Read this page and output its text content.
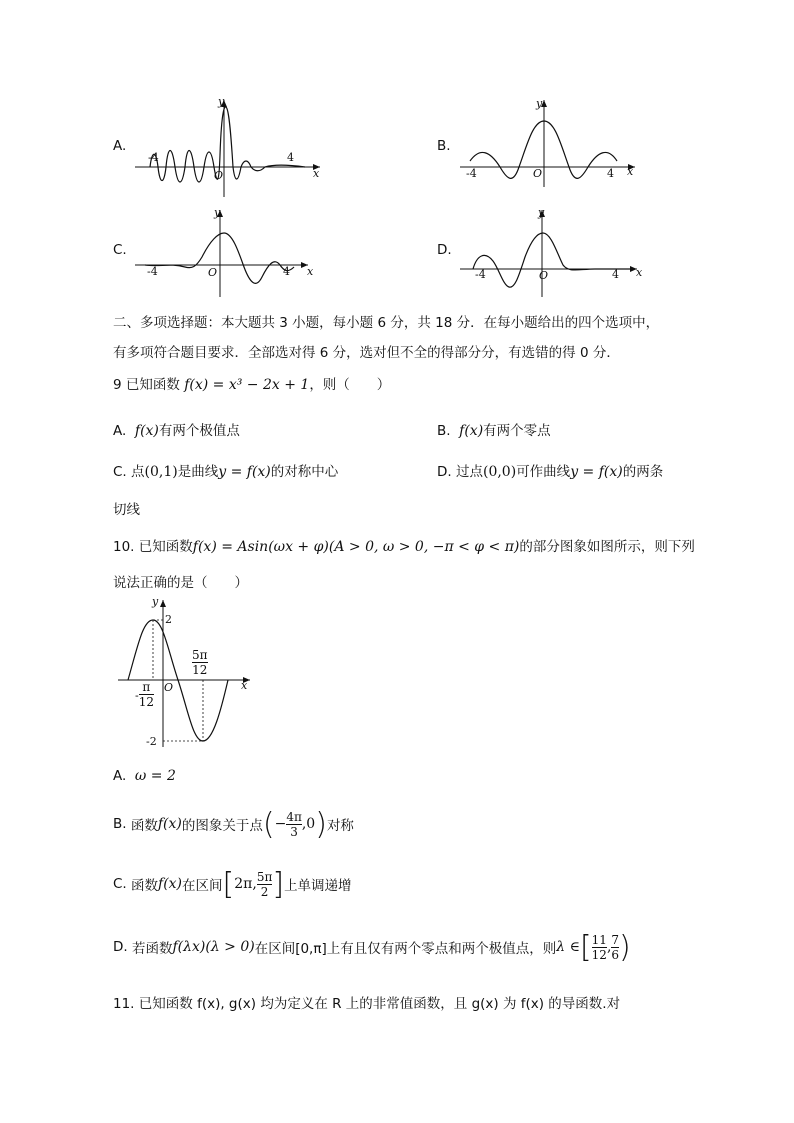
A.
y
x
O
-4	4
B.
y
x
O
-4	4
C.
y
x
O
-4	4
D.
y
x
O
-4	4
二、多项选择题：本大题共 3 小题，每小题 6 分，共 18 分．在每小题给出的四个选项中，
有多项符合题目要求．全部选对得 6 分，选对但不全的得部分分，有选错的得 0 分．
9 已知函数 f(x) = x³ − 2x + 1，则（　　）
A. f(x)有两个极值点	B. f(x)有两个零点
C. 点(0,1)是曲线y = f(x)的对称中心	D. 过点(0,0)可作曲线y = f(x)的两条
切线
10. 已知函数f(x) = Asin(ωx + φ)(A > 0, ω > 0, −π < φ < π)的部分图象如图所示，则下列
说法正确的是（　　）
y
x
2
-2
O
$\frac{5\pi}{12}$
- $\frac{\pi}{12}$
A. ω = 2
B.
函数 f(x) 的图象关于点 ( − $\frac{4\pi}{3} ,0$ ) 对称
C.
函数 f(x) 在区间 [ 2π, $\frac{5\pi}{2}$ ] 上单调递增
D.
若函数 f(λx)(λ > 0) 在区间[0,π]上有且仅有两个零点和两个极值点，则 λ ∈ [ $\frac{11}{12}$ , $\frac{7}{6}$ )
11. 已知函数 f(x), g(x) 均为定义在 R 上的非常值函数，且 g(x) 为 f(x) 的导函数.对
